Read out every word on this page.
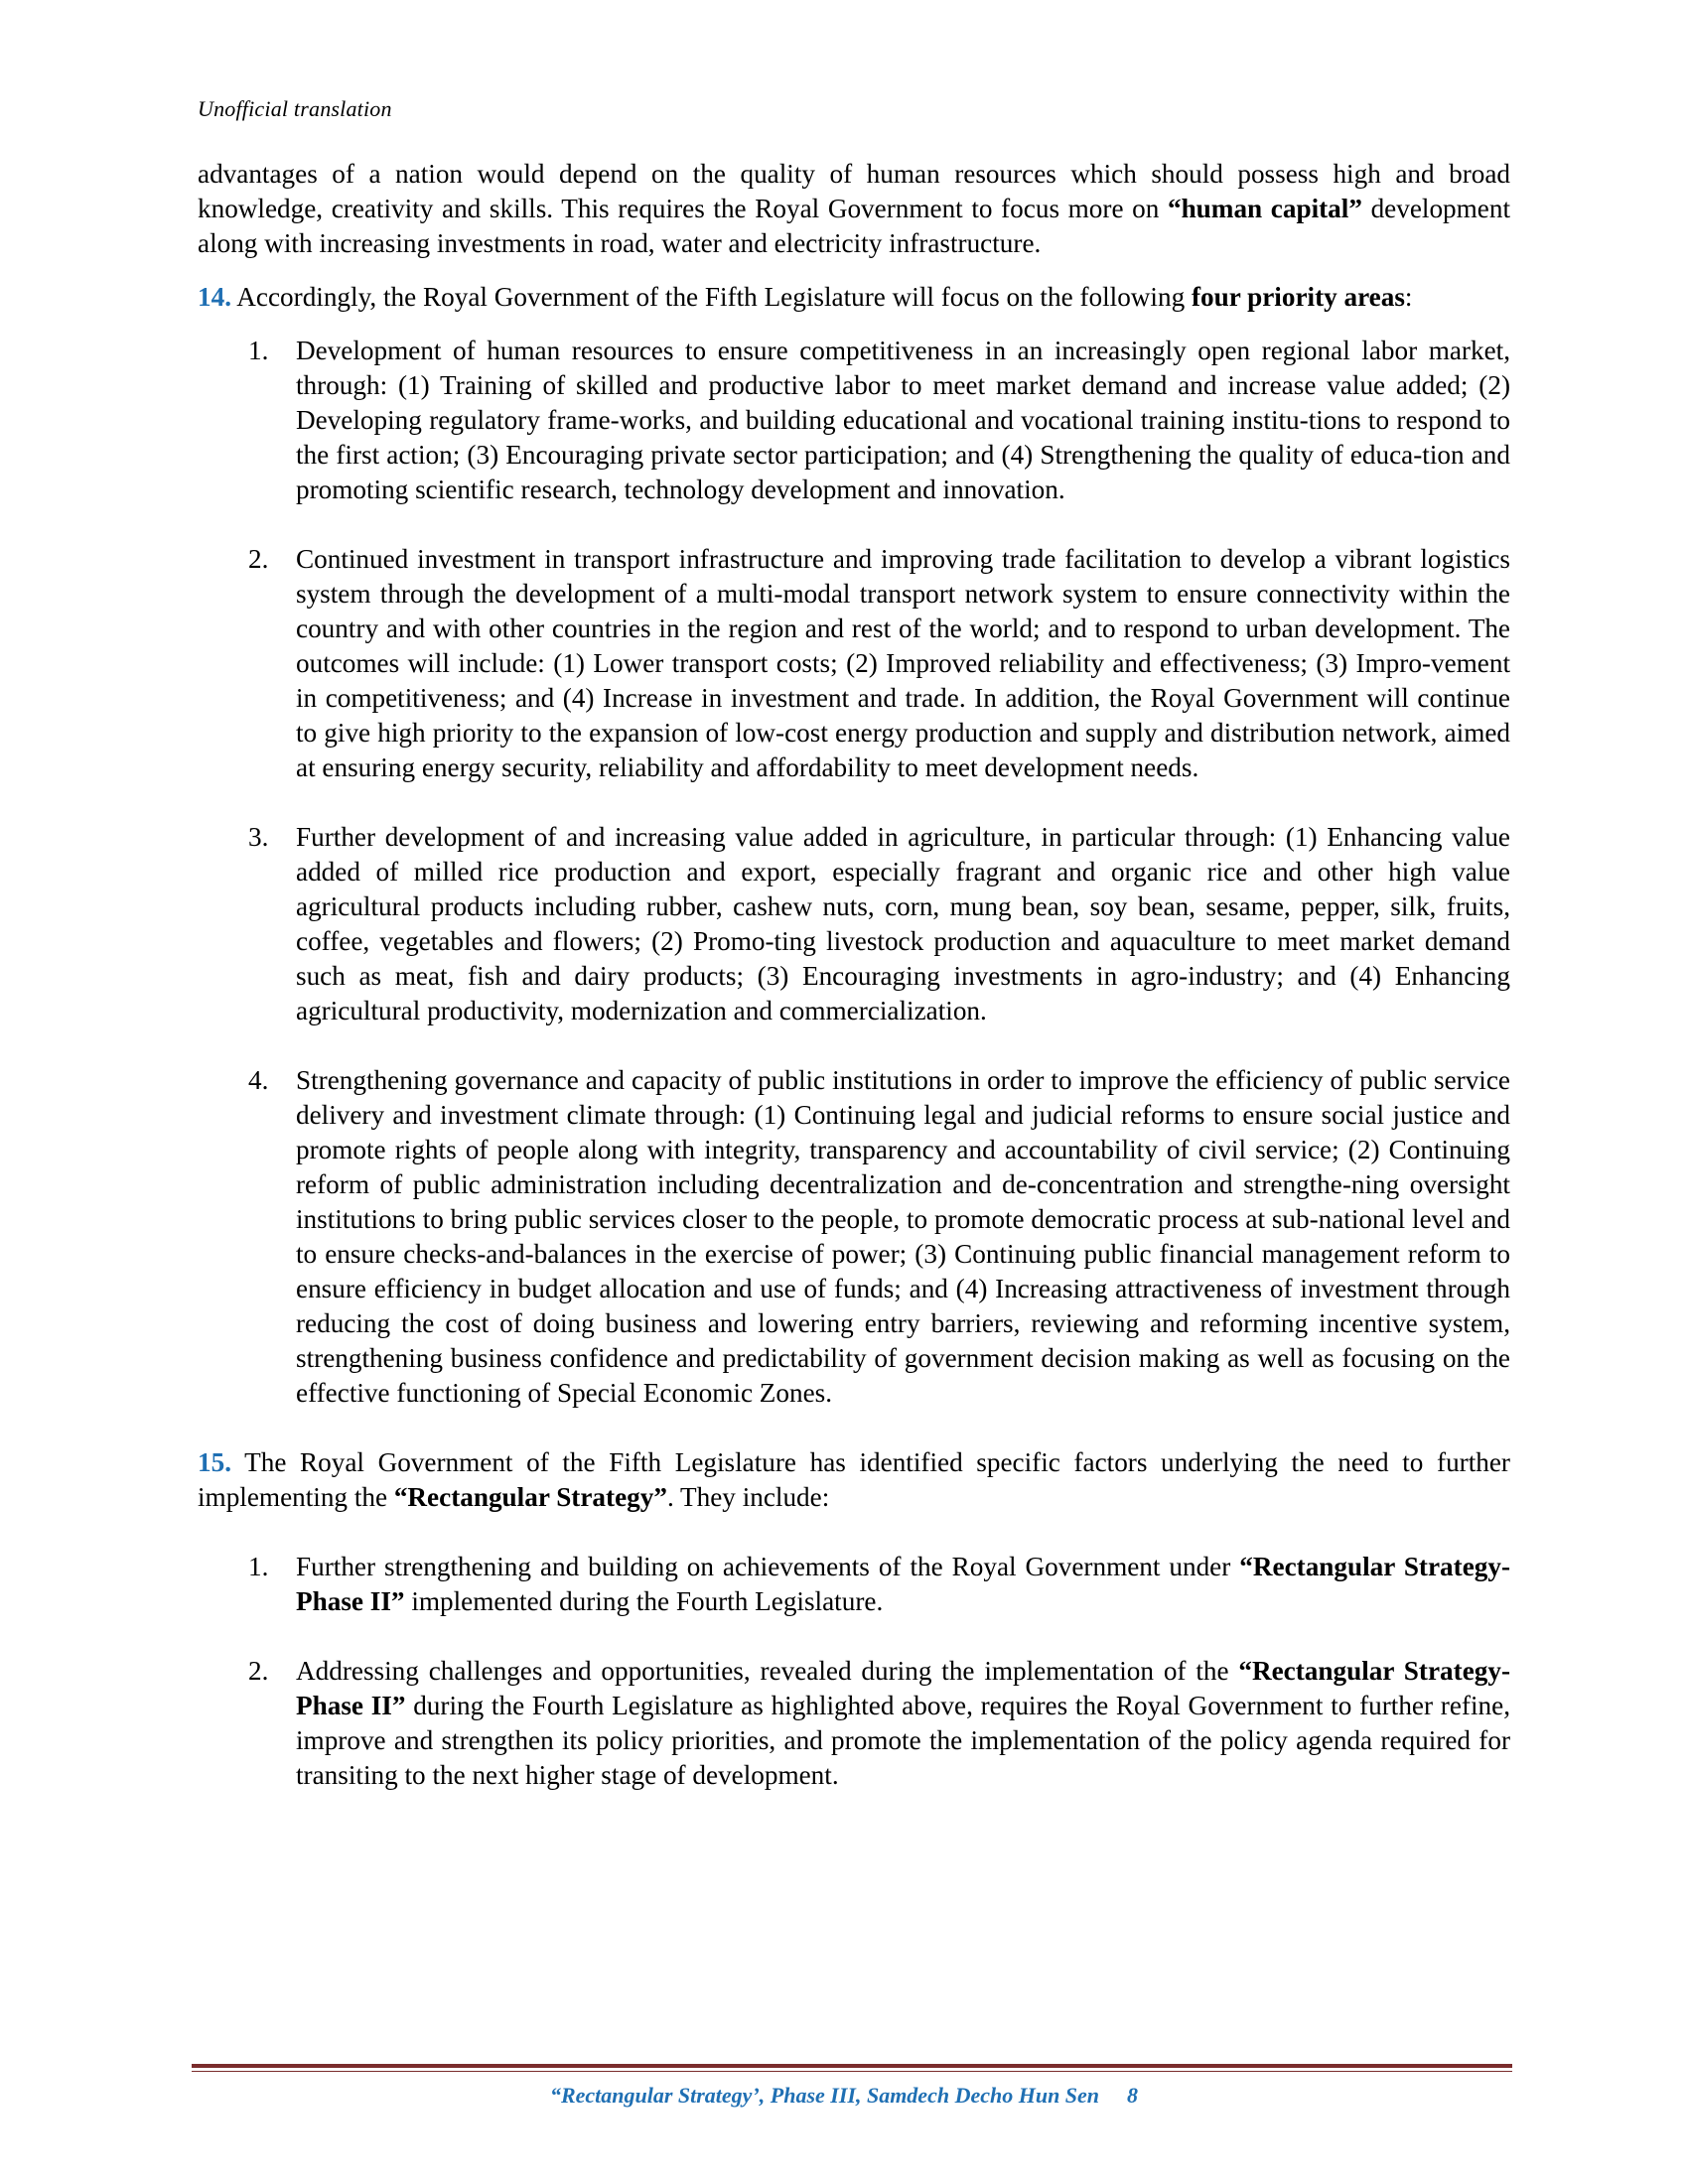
Unofficial translation

advantages of a nation would depend on the quality of human resources which should possess high and broad knowledge, creativity and skills. This requires the Royal Government to focus more on “human capital” development along with increasing investments in road, water and electricity infrastructure.

14. Accordingly, the Royal Government of the Fifth Legislature will focus on the following four priority areas:

1. Development of human resources to ensure competitiveness in an increasingly open regional labor market, through: (1) Training of skilled and productive labor to meet market demand and increase value added; (2) Developing regulatory frame-works, and building educational and vocational training institu-tions to respond to the first action; (3) Encouraging private sector participation; and (4) Strengthening the quality of educa-tion and promoting scientific research, technology development and innovation.
2. Continued investment in transport infrastructure and improving trade facilitation to develop a vibrant logistics system through the development of a multi-modal transport network system to ensure connectivity within the country and with other countries in the region and rest of the world; and to respond to urban development. The outcomes will include: (1) Lower transport costs; (2) Improved reliability and effectiveness; (3) Impro-vement in competitiveness; and (4) Increase in investment and trade. In addition, the Royal Government will continue to give high priority to the expansion of low-cost energy production and supply and distribution network, aimed at ensuring energy security, reliability and affordability to meet development needs.
3. Further development of and increasing value added in agriculture, in particular through: (1) Enhancing value added of milled rice production and export, especially fragrant and organic rice and other high value agricultural products including rubber, cashew nuts, corn, mung bean, soy bean, sesame, pepper, silk, fruits, coffee, vegetables and flowers; (2) Promo-ting livestock production and aquaculture to meet market demand such as meat, fish and dairy products; (3) Encouraging investments in agro-industry; and (4) Enhancing agricultural productivity, modernization and commercialization.
4. Strengthening governance and capacity of public institutions in order to improve the efficiency of public service delivery and investment climate through: (1) Continuing legal and judicial reforms to ensure social justice and promote rights of people along with integrity, transparency and accountability of civil service; (2) Continuing reform of public administration including decentralization and de-concentration and strengthe-ning oversight institutions to bring public services closer to the people, to promote democratic process at sub-national level and to ensure checks-and-balances in the exercise of power; (3) Continuing public financial management reform to ensure efficiency in budget allocation and use of funds; and (4) Increasing attractiveness of investment through reducing the cost of doing business and lowering entry barriers, reviewing and reforming incentive system, strengthening business confidence and predictability of government decision making as well as focusing on the effective functioning of Special Economic Zones.

15. The Royal Government of the Fifth Legislature has identified specific factors underlying the need to further implementing the “Rectangular Strategy”. They include:

1. Further strengthening and building on achievements of the Royal Government under “Rectangular Strategy-Phase II” implemented during the Fourth Legislature.
2. Addressing challenges and opportunities, revealed during the implementation of the “Rectangular Strategy-Phase II” during the Fourth Legislature as highlighted above, requires the Royal Government to further refine, improve and strengthen its policy priorities, and promote the implementation of the policy agenda required for transiting to the next higher stage of development.
“Rectangular Strategy’, Phase III, Samdech Decho Hun Sen 8
